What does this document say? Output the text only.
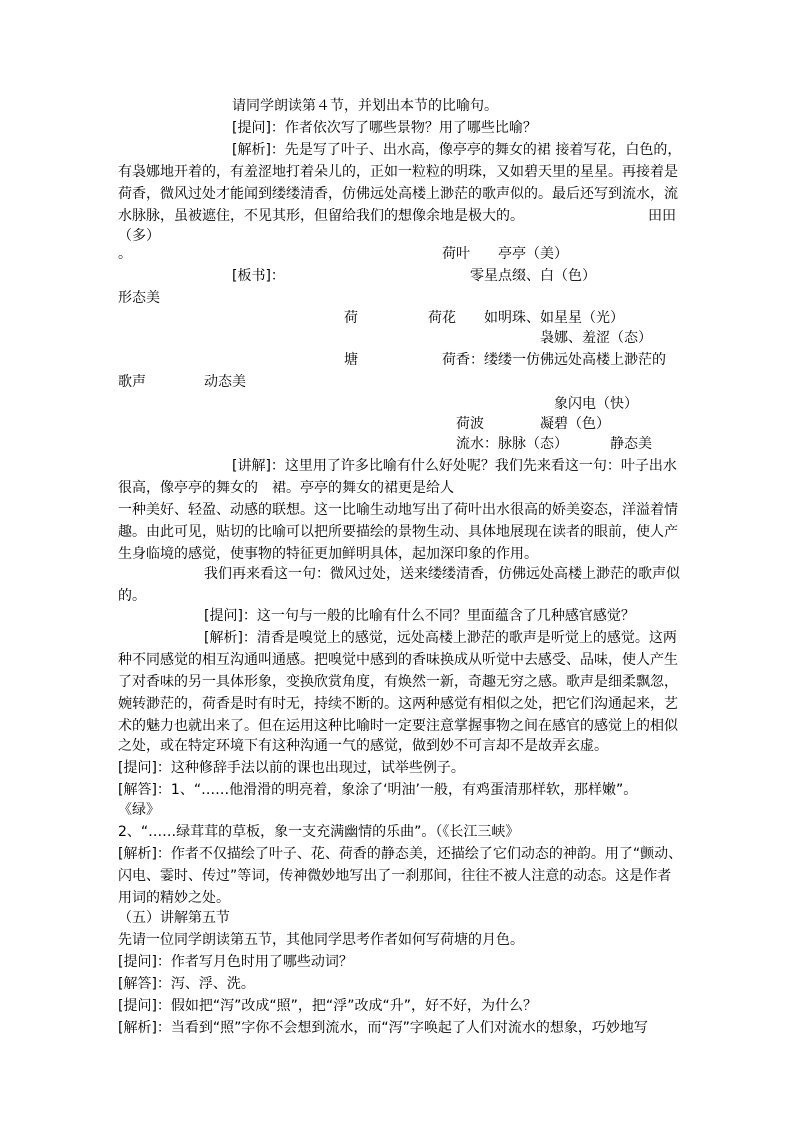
请同学朗读第４节，并划出本节的比喻句。
[提问]：作者依次写了哪些景物？用了哪些比喻？
[解析]：先是写了叶子、出水高，像亭亭的舞女的裙 接着写花，白色的，
有袅娜地开着的，有羞涩地打着朵儿的，正如一粒粒的明珠，又如碧天里的星星。再接着是
荷香，微风过处才能闻到缕缕清香，仿佛远处高楼上渺茫的歌声似的。最后还写到流水，流
水脉脉，虽被遮住，不见其形，但留给我们的想像余地是极大的。	田田
（多）
。	荷叶 亭亭（美）
[板书]：	零星点缀、白（色）
形态美
荷	荷花 如明珠、如星星（光）
袅娜、羞涩（态）
塘	荷香：缕缕一仿佛远处高楼上渺茫的
歌声	动态美
象闪电（快）
荷波	凝碧（色）
流水：脉脉（态）	静态美
[讲解]：这里用了许多比喻有什么好处呢？我们先来看这一句：叶子出水
很高，像亭亭的舞女的　裙。亭亭的舞女的裙更是给人
一种美好、轻盈、动感的联想。这一比喻生动地写出了荷叶出水很高的娇美姿态，洋溢着情
趣。由此可见，贴切的比喻可以把所要描绘的景物生动、具体地展现在读者的眼前，使人产
生身临境的感觉，使事物的特征更加鲜明具体，起加深印象的作用。
我们再来看这一句：微风过处，送来缕缕清香，仿佛远处高楼上渺茫的歌声似
的。
[提问]：这一句与一般的比喻有什么不同？里面蕴含了几种感官感觉？
[解析]：清香是嗅觉上的感觉，远处高楼上渺茫的歌声是听觉上的感觉。这两
种不同感觉的相互沟通叫通感。把嗅觉中感到的香味换成从听觉中去感受、品味，使人产生
了对香味的另一具体形象，变换欣赏角度，有焕然一新，奇趣无穷之感。歌声是细柔飘忽，
婉转渺茫的，荷香是时有时无，持续不断的。这两种感觉有相似之处，把它们沟通起来，艺
术的魅力也就出来了。但在运用这种比喻时一定要注意掌握事物之间在感官的感觉上的相似
之处，或在特定环境下有这种沟通一气的感觉，做到妙不可言却不是故弄玄虚。
[提问]：这种修辞手法以前的课也出现过，试举些例子。
[解答]：1、“……他滑滑的明亮着，象涂了‘明油’一般，有鸡蛋清那样软，那样嫩”。
《绿》
2、“……绿茸茸的草板，象一支充满幽情的乐曲”。（《长江三峡》
[解析]：作者不仅描绘了叶子、花、荷香的静态美，还描绘了它们动态的神韵。用了“颤动、
闪电、霎时、传过”等词，传神微妙地写出了一刹那间，往往不被人注意的动态。这是作者
用词的精妙之处。
（五）讲解第五节
先请一位同学朗读第五节，其他同学思考作者如何写荷塘的月色。
[提问]：作者写月色时用了哪些动词？
[解答]：泻、浮、洗。
[提问]：假如把“泻”改成“照”，把“浮”改成“升”，好不好，为什么？
[解析]：当看到“照”字你不会想到流水，而“泻”字唤起了人们对流水的想象，巧妙地写
